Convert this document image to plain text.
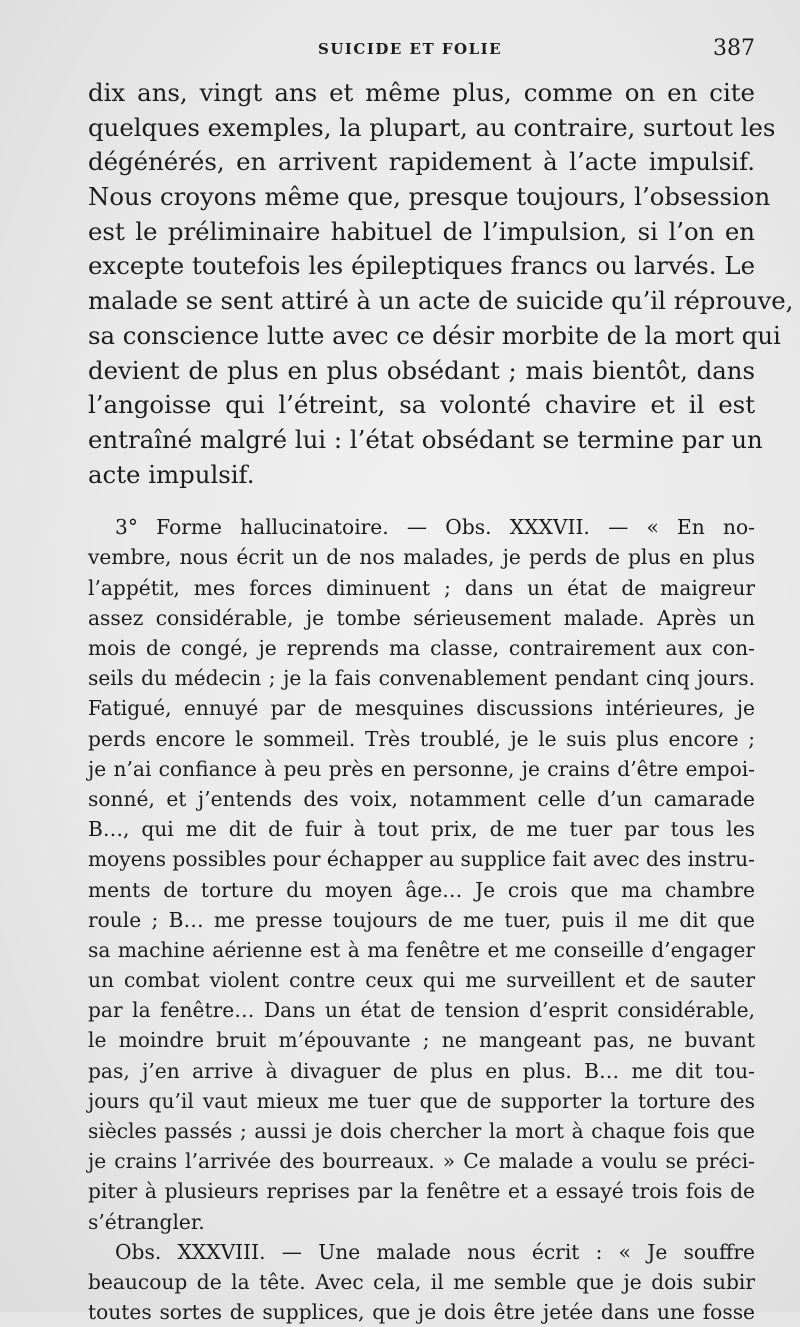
SUICIDE ET FOLIE	387
dix ans, vingt ans et même plus, comme on en cite
quelques exemples, la plupart, au contraire, surtout les
dégénérés, en arrivent rapidement à l’acte impulsif.
Nous croyons même que, presque toujours, l’obsession
est le préliminaire habituel de l’impulsion, si l’on en
excepte toutefois les épileptiques francs ou larvés. Le
malade se sent attiré à un acte de suicide qu’il réprouve,
sa conscience lutte avec ce désir morbite de la mort qui
devient de plus en plus obsédant ; mais bientôt, dans
l’angoisse qui l’étreint, sa volonté chavire et il est
entraîné malgré lui : l’état obsédant se termine par un
acte impulsif.
3° Forme hallucinatoire. — Obs. XXXVII. — « En no-
vembre, nous écrit un de nos malades, je perds de plus en plus
l’appétit, mes forces diminuent ; dans un état de maigreur
assez considérable, je tombe sérieusement malade. Après un
mois de congé, je reprends ma classe, contrairement aux con-
seils du médecin ; je la fais convenablement pendant cinq jours.
Fatigué, ennuyé par de mesquines discussions intérieures, je
perds encore le sommeil. Très troublé, je le suis plus encore ;
je n’ai confiance à peu près en personne, je crains d’être empoi-
sonné, et j’entends des voix, notamment celle d’un camarade
B…, qui me dit de fuir à tout prix, de me tuer par tous les
moyens possibles pour échapper au supplice fait avec des instru-
ments de torture du moyen âge… Je crois que ma chambre
roule ; B… me presse toujours de me tuer, puis il me dit que
sa machine aérienne est à ma fenêtre et me conseille d’engager
un combat violent contre ceux qui me surveillent et de sauter
par la fenêtre… Dans un état de tension d’esprit considérable,
le moindre bruit m’épouvante ; ne mangeant pas, ne buvant
pas, j’en arrive à divaguer de plus en plus. B… me dit tou-
jours qu’il vaut mieux me tuer que de supporter la torture des
siècles passés ; aussi je dois chercher la mort à chaque fois que
je crains l’arrivée des bourreaux. » Ce malade a voulu se préci-
piter à plusieurs reprises par la fenêtre et a essayé trois fois de
s’étrangler.
Obs. XXXVIII. — Une malade nous écrit : « Je souffre
beaucoup de la tête. Avec cela, il me semble que je dois subir
toutes sortes de supplices, que je dois être jetée dans une fosse
